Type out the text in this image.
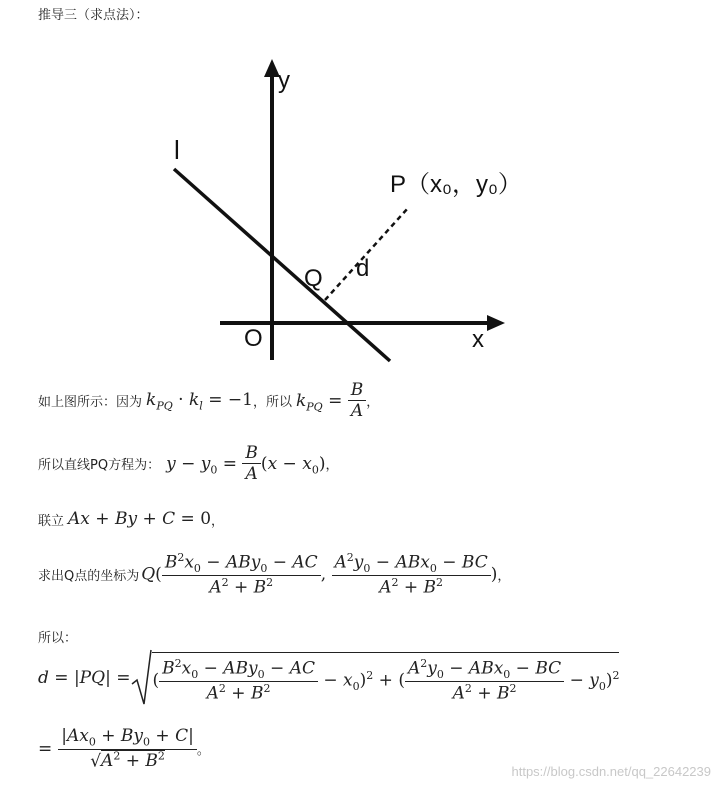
推导三（求点法）：
y
x
O
l
Q d
P（x₀，y₀）
如上图所示：因为 $k_{PQ} \cdot k_l = -1$ ，所以 $k_{PQ} = \frac{B}{A}$ ，
所以直线PQ方程为： $y - y_0 = \frac{B}{A} (x - x_0)$ ，
联立 Ax + By + C = 0 ，
求出Q点的坐标为 $Q( \frac{B^2x_0 - ABy_0 - AC}{A^2 + B^2}$ , $\frac{A^2y_0 - ABx_0 - BC}{A^2 + B^2}$ ) ，
所以：
d = |PQ| = ( $\frac{B^2x_0 - ABy_0 - AC}{A^2 + B^2} - x_0)^2$ + ( $\frac{A^2y_0 - ABx_0 - BC}{A^2 + B^2} - y_0)^2$
= $\frac{|Ax_0 + By_0 + C|}{√A^2 + B^2}$ 。
https://blog.csdn.net/qq_22642239
